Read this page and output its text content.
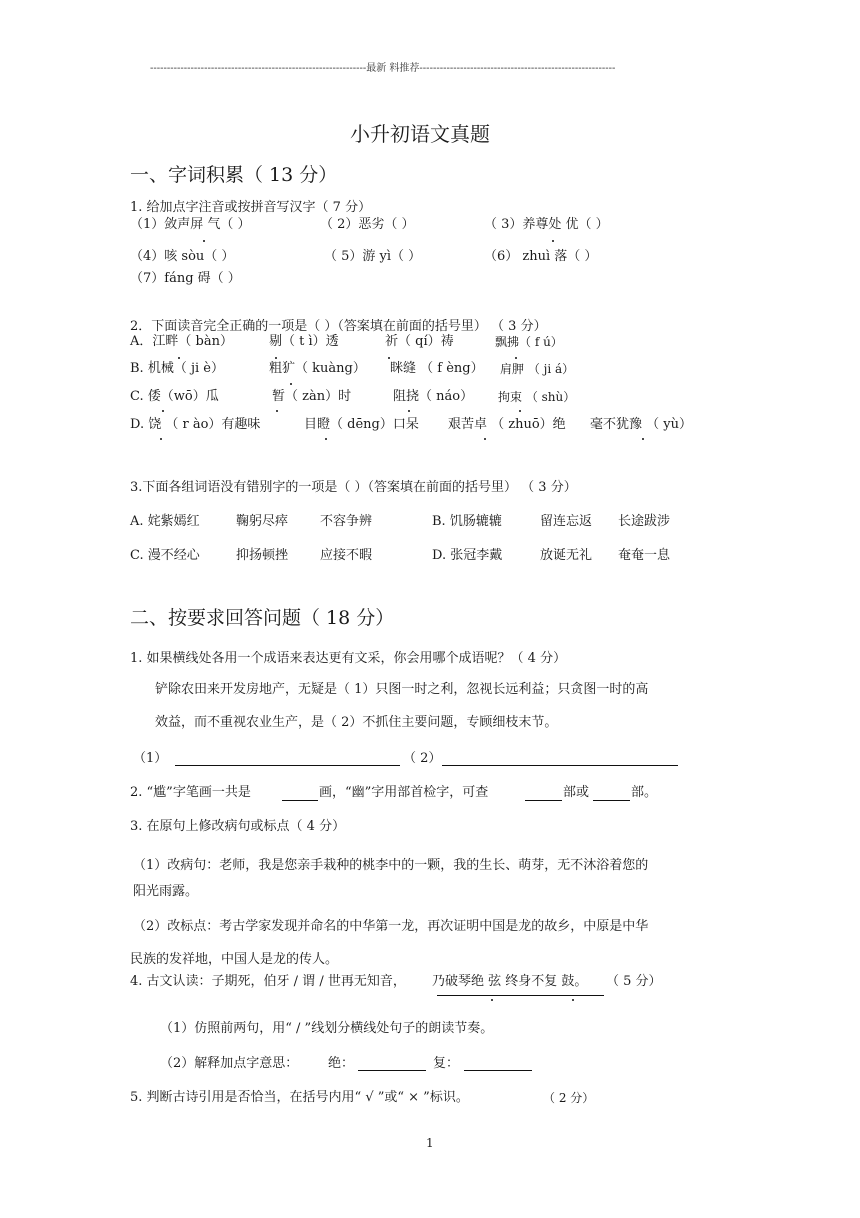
----------------------------------------------------------------最新 料推荐----------------------------------------------------------
小升初语文真题
一、字词积累（ 13 分）
1. 给加点字注音或按拼音写汉字（ 7 分）
（1）敛声屏 气（ ）	（ 2）恶劣（ ）	（ 3）养尊处 优（ ）
（4）咳 sòu（ ）	（ 5）游 yì（ ）	（6） zhuì 落（ ）
（7）fáng 碍（ ）
2．下面读音完全正确的一项是（ ）（答案填在前面的括号里） （ 3 分）
A．江畔（ bàn）	剔（ t ì）透	祈（ qí）祷	飘拂（ f ú）
B. 机械（ ji è）	粗犷（ kuàng） 眯缝 （ f èng） 肩胛 （ ji á）
C. 倭（wō）瓜	暂（ zàn）时	阻挠（ náo） 拘束 （ shù）
D. 饶 （ r ào）有趣味	目瞪（ dēng）口呆 艰苦卓 （ zhuō）绝 毫不犹豫 （ yù）
3.下面各组词语没有错别字的一项是（ ）（答案填在前面的括号里） （ 3 分）
A. 姹紫嫣红	鞠躬尽瘁 不容争辨	B. 饥肠辘辘	留连忘返 长途跋涉
C. 漫不经心	抑扬顿挫 应接不暇	D. 张冠李戴	放诞无礼 奄奄一息
二、按要求回答问题（ 18 分）
1. 如果横线处各用一个成语来表达更有文采，你会用哪个成语呢？（ 4 分）
铲除农田来开发房地产，无疑是（ 1）只图一时之利，忽视长远利益；只贪图一时的高
效益，而不重视农业生产，是（ 2）不抓住主要问题，专顾细枝末节。
（1）	（ 2）
2. “尴”字笔画一共是	画，“幽”字用部首检字，可查	部或	部。
3. 在原句上修改病句或标点（ 4 分）
（1）改病句：老师，我是您亲手栽种的桃李中的一颗，我的生长、萌芽，无不沐浴着您的
阳光雨露。
（2）改标点：考古学家发现并命名的中华第一龙，再次证明中国是龙的故乡，中原是中华
民族的发祥地，中国人是龙的传人。
4. 古文认读：子期死，伯牙 / 谓 / 世再无知音， 乃破琴绝 弦 终身不复 鼓。 （ 5 分）
（1）仿照前两句，用“ / ”线划分横线处句子的朗读节奏。
（2）解释加点字意思： 绝：	复：
5. 判断古诗引用是否恰当，在括号内用“ √ ”或“ × ”标识。	（ 2 分）
1
